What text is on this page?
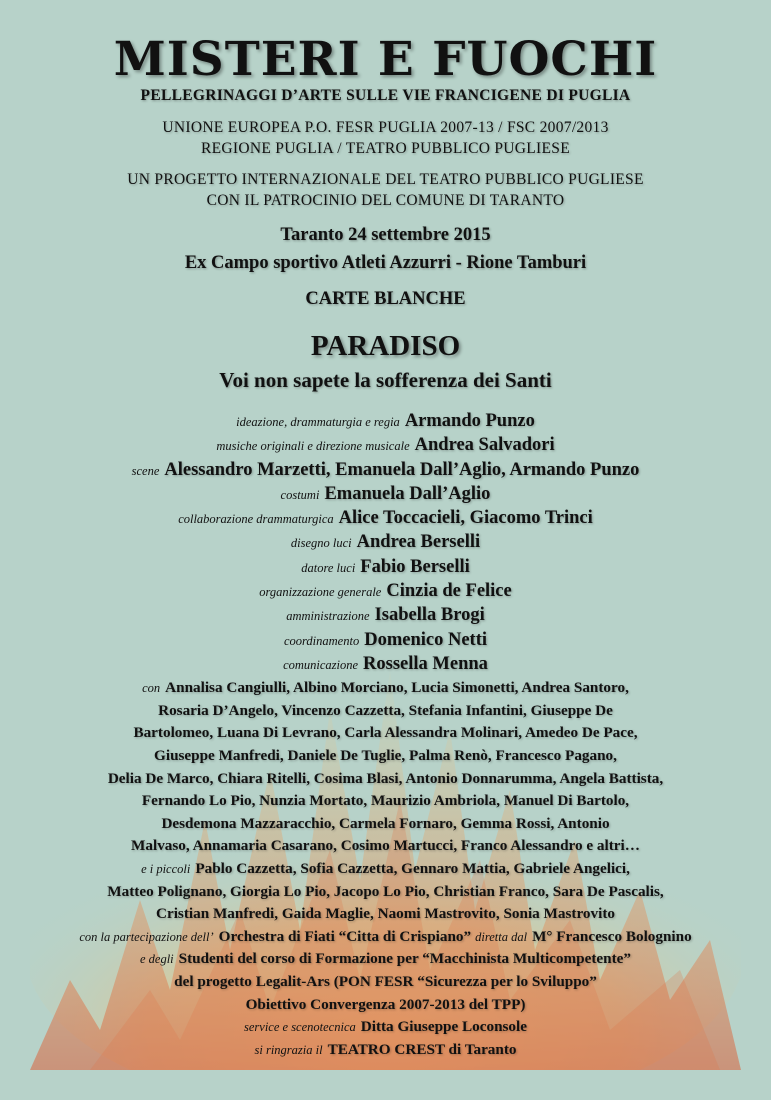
MISTERI E FUOCHI
PELLEGRINAGGI D’ARTE SULLE VIE FRANCIGENE DI PUGLIA
UNIONE EUROPEA P.O. FESR PUGLIA 2007-13 / FSC 2007/2013
REGIONE PUGLIA / TEATRO PUBBLICO PUGLIESE
UN PROGETTO INTERNAZIONALE DEL TEATRO PUBBLICO PUGLIESE
CON IL PATROCINIO DEL COMUNE DI TARANTO
Taranto 24 settembre 2015
Ex Campo sportivo Atleti Azzurri - Rione Tamburi
CARTE BLANCHE
PARADISO
Voi non sapete la sofferenza dei Santi
ideazione, drammaturgia e regia Armando Punzo
musiche originali e direzione musicale Andrea Salvadori
scene Alessandro Marzetti, Emanuela Dall’Aglio, Armando Punzo
costumi Emanuela Dall’Aglio
collaborazione drammaturgica Alice Toccacieli, Giacomo Trinci
disegno luci Andrea Berselli
datore luci Fabio Berselli
organizzazione generale Cinzia de Felice
amministrazione Isabella Brogi
coordinamento Domenico Netti
comunicazione Rossella Menna
con Annalisa Cangiulli, Albino Morciano, Lucia Simonetti, Andrea Santoro,
Rosaria D’Angelo, Vincenzo Cazzetta, Stefania Infantini, Giuseppe De
Bartolomeo, Luana Di Levrano, Carla Alessandra Molinari, Amedeo De Pace,
Giuseppe Manfredi, Daniele De Tuglie, Palma Renò, Francesco Pagano,
Delia De Marco, Chiara Ritelli, Cosima Blasi, Antonio Donnarumma, Angela Battista,
Fernando Lo Pio, Nunzia Mortato, Maurizio Ambriola, Manuel Di Bartolo,
Desdemona Mazzaracchio, Carmela Fornaro, Gemma Rossi, Antonio
Malvaso, Annamaria Casarano, Cosimo Martucci, Franco Alessandro e altri…
e i piccoli Pablo Cazzetta, Sofia Cazzetta, Gennaro Mattia, Gabriele Angelici,
Matteo Polignano, Giorgia Lo Pio, Jacopo Lo Pio, Christian Franco, Sara De Pascalis,
Cristian Manfredi, Gaida Maglie, Naomi Mastrovito, Sonia Mastrovito
con la partecipazione dell’ Orchestra di Fiati “Citta di Crispiano” diretta dal M° Francesco Bolognino
e degli Studenti del corso di Formazione per “Macchinista Multicompetente”
del progetto Legalit-Ars (PON FESR “Sicurezza per lo Sviluppo”
Obiettivo Convergenza 2007-2013 del TPP)
service e scenotecnica Ditta Giuseppe Loconsole
si ringrazia il TEATRO CREST di Taranto
